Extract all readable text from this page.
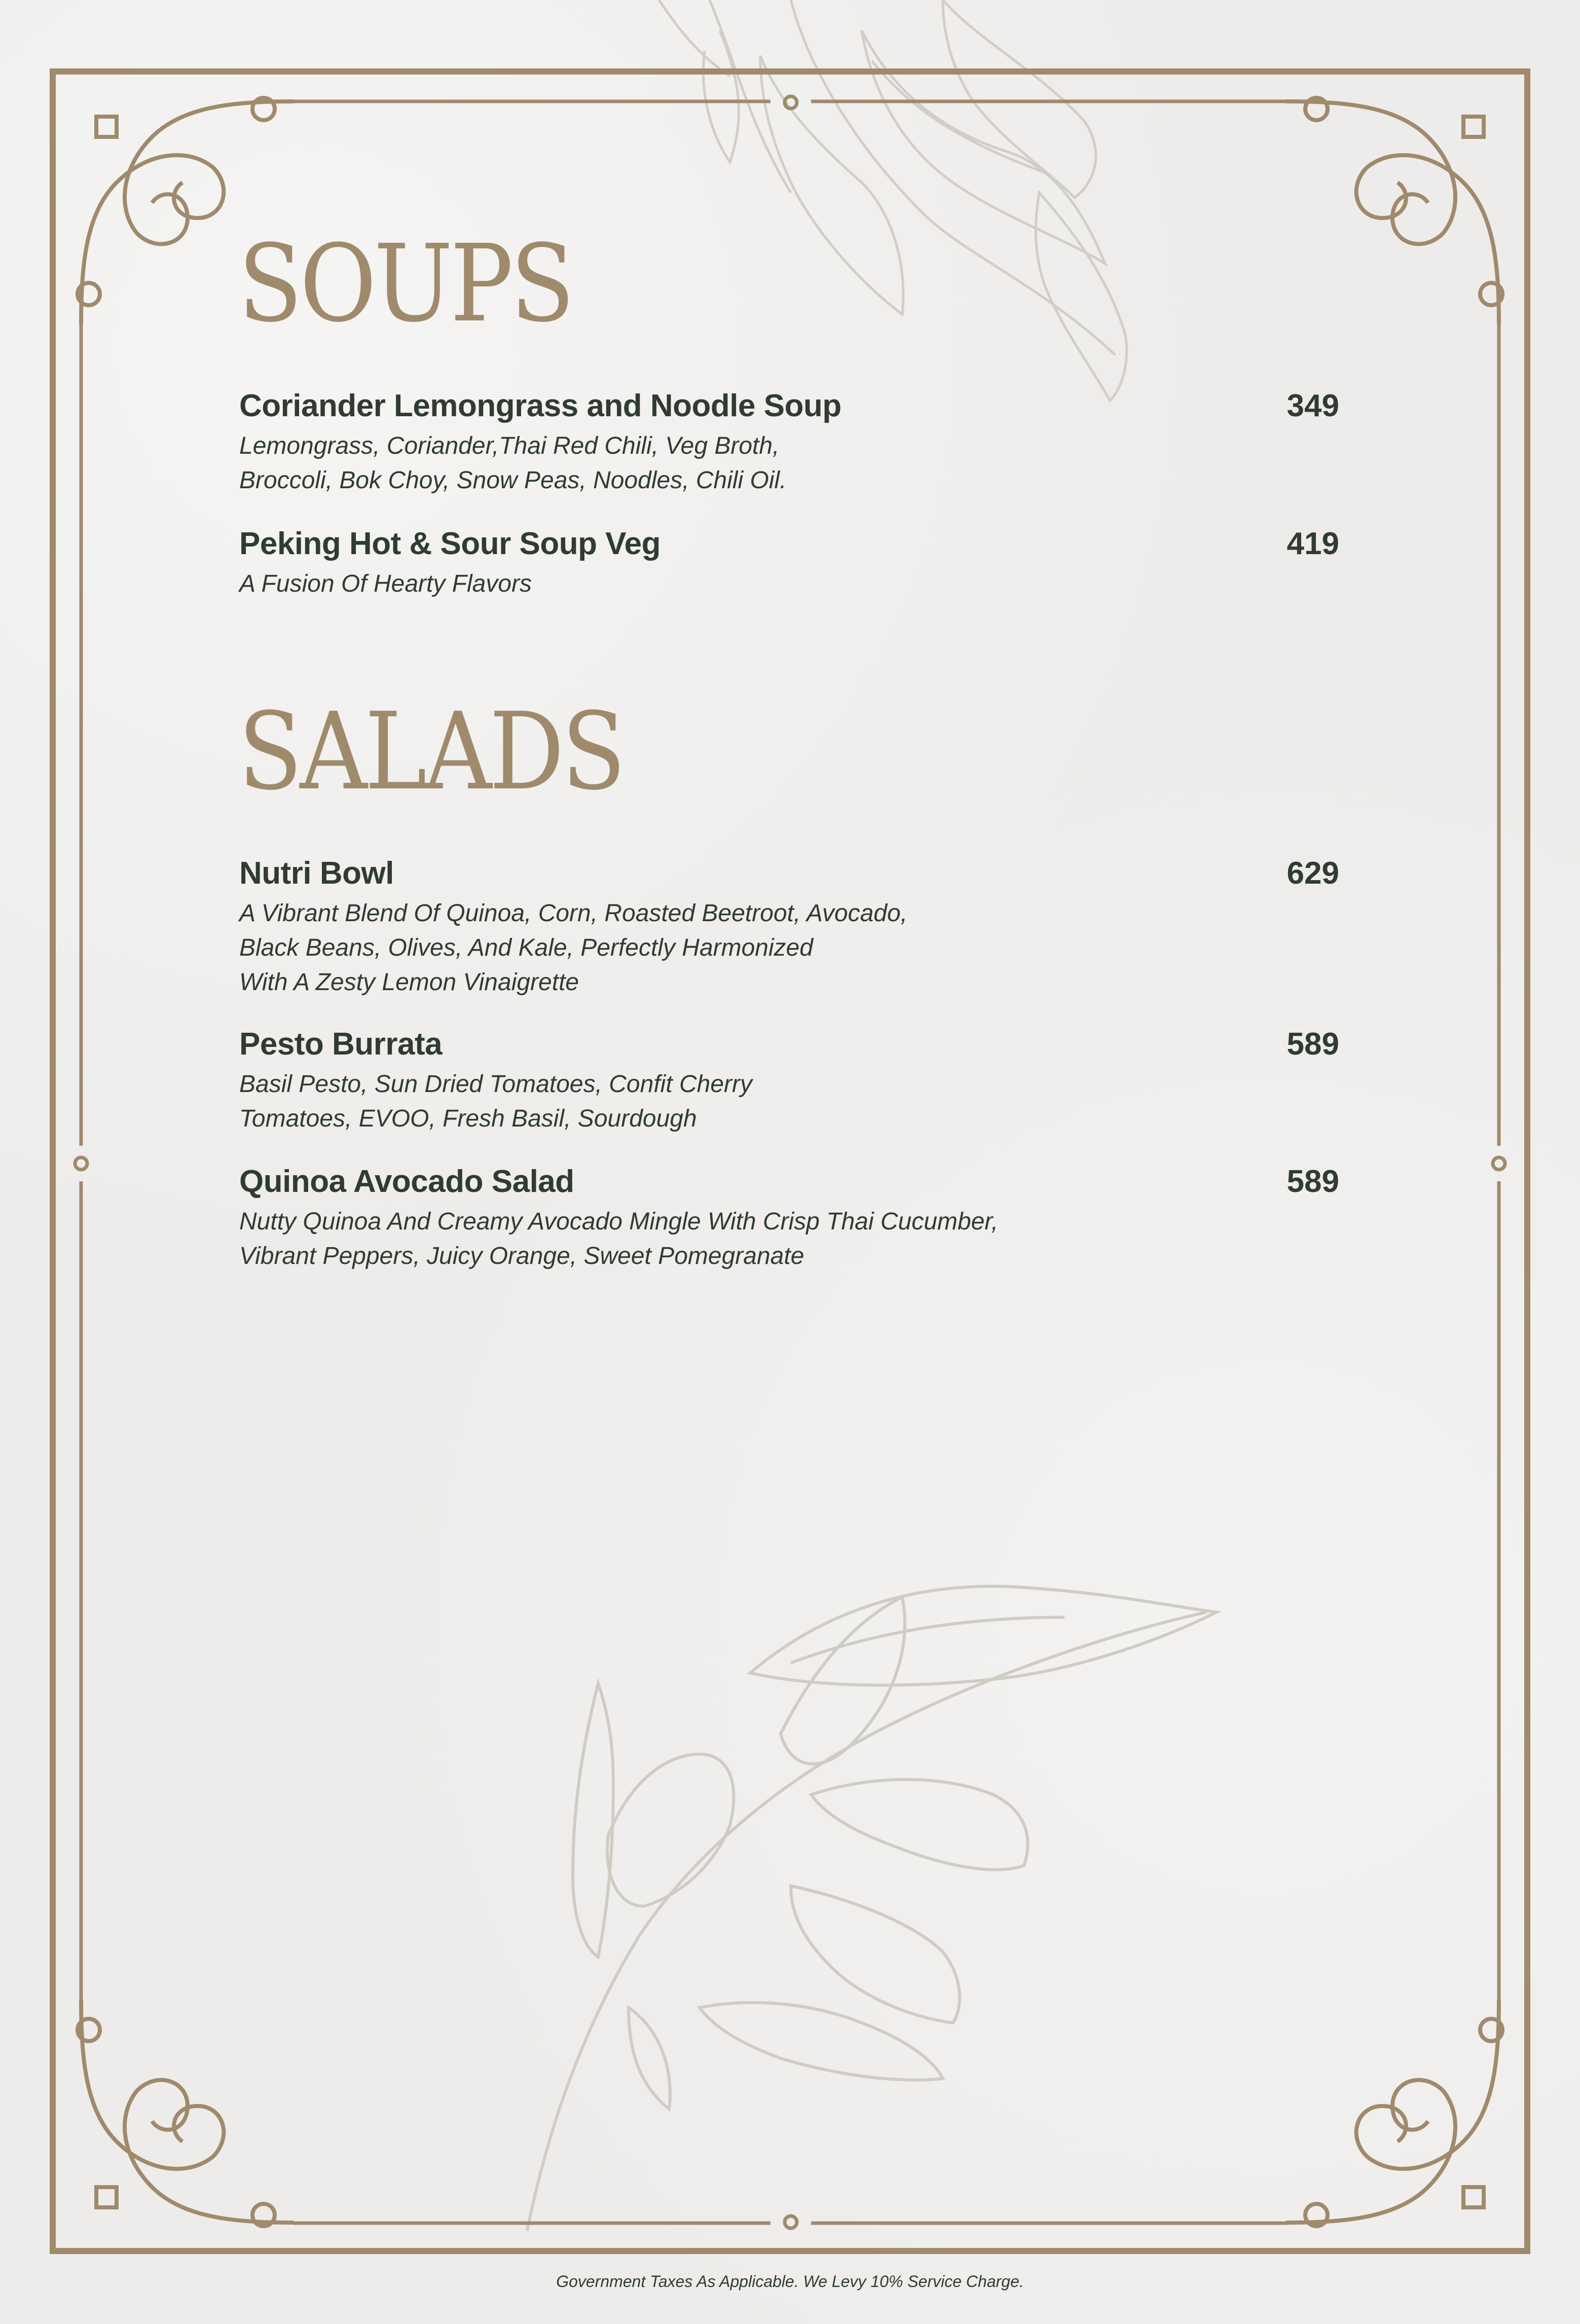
SOUPS
Coriander Lemongrass and Noodle Soup	349
Lemongrass, Coriander,Thai Red Chili, Veg Broth,
Broccoli, Bok Choy, Snow Peas, Noodles, Chili Oil.
Peking Hot & Sour Soup Veg	419
A Fusion Of Hearty Flavors
SALADS
Nutri Bowl	629
A Vibrant Blend Of Quinoa, Corn, Roasted Beetroot, Avocado,
Black Beans, Olives, And Kale, Perfectly Harmonized
With A Zesty Lemon Vinaigrette
Pesto Burrata	589
Basil Pesto, Sun Dried Tomatoes, Confit Cherry
Tomatoes, EVOO, Fresh Basil, Sourdough
Quinoa Avocado Salad	589
Nutty Quinoa And Creamy Avocado Mingle With Crisp Thai Cucumber,
Vibrant Peppers, Juicy Orange, Sweet Pomegranate
Government Taxes As Applicable. We Levy 10% Service Charge.
